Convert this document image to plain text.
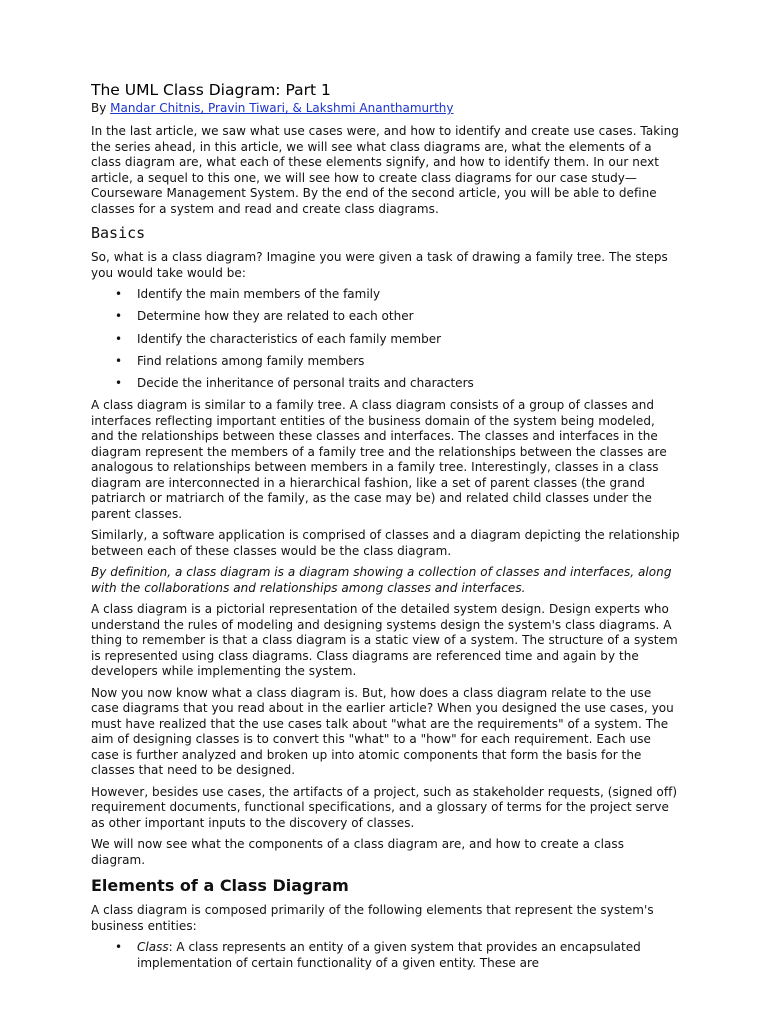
The UML Class Diagram: Part 1
By Mandar Chitnis, Pravin Tiwari, & Lakshmi Ananthamurthy

In the last article, we saw what use cases were, and how to identify and create use cases. Taking the series ahead, in this article, we will see what class diagrams are, what the elements of a class diagram are, what each of these elements signify, and how to identify them. In our next article, a sequel to this one, we will see how to create class diagrams for our case study—Courseware Management System. By the end of the second article, you will be able to define classes for a system and read and create class diagrams.

Basics

So, what is a class diagram? Imagine you were given a task of drawing a family tree. The steps you would take would be:

• Identify the main members of the family
• Determine how they are related to each other
• Identify the characteristics of each family member
• Find relations among family members
• Decide the inheritance of personal traits and characters

A class diagram is similar to a family tree. A class diagram consists of a group of classes and interfaces reflecting important entities of the business domain of the system being modeled, and the relationships between these classes and interfaces. The classes and interfaces in the diagram represent the members of a family tree and the relationships between the classes are analogous to relationships between members in a family tree. Interestingly, classes in a class diagram are interconnected in a hierarchical fashion, like a set of parent classes (the grand patriarch or matriarch of the family, as the case may be) and related child classes under the parent classes.

Similarly, a software application is comprised of classes and a diagram depicting the relationship between each of these classes would be the class diagram.

By definition, a class diagram is a diagram showing a collection of classes and interfaces, along with the collaborations and relationships among classes and interfaces.

A class diagram is a pictorial representation of the detailed system design. Design experts who understand the rules of modeling and designing systems design the system's class diagrams. A thing to remember is that a class diagram is a static view of a system. The structure of a system is represented using class diagrams. Class diagrams are referenced time and again by the developers while implementing the system.

Now you now know what a class diagram is. But, how does a class diagram relate to the use case diagrams that you read about in the earlier article? When you designed the use cases, you must have realized that the use cases talk about "what are the requirements" of a system. The aim of designing classes is to convert this "what" to a "how" for each requirement. Each use case is further analyzed and broken up into atomic components that form the basis for the classes that need to be designed.

However, besides use cases, the artifacts of a project, such as stakeholder requests, (signed off) requirement documents, functional specifications, and a glossary of terms for the project serve as other important inputs to the discovery of classes.

We will now see what the components of a class diagram are, and how to create a class diagram.

Elements of a Class Diagram

A class diagram is composed primarily of the following elements that represent the system's business entities:

• Class: A class represents an entity of a given system that provides an encapsulated implementation of certain functionality of a given entity. These are
